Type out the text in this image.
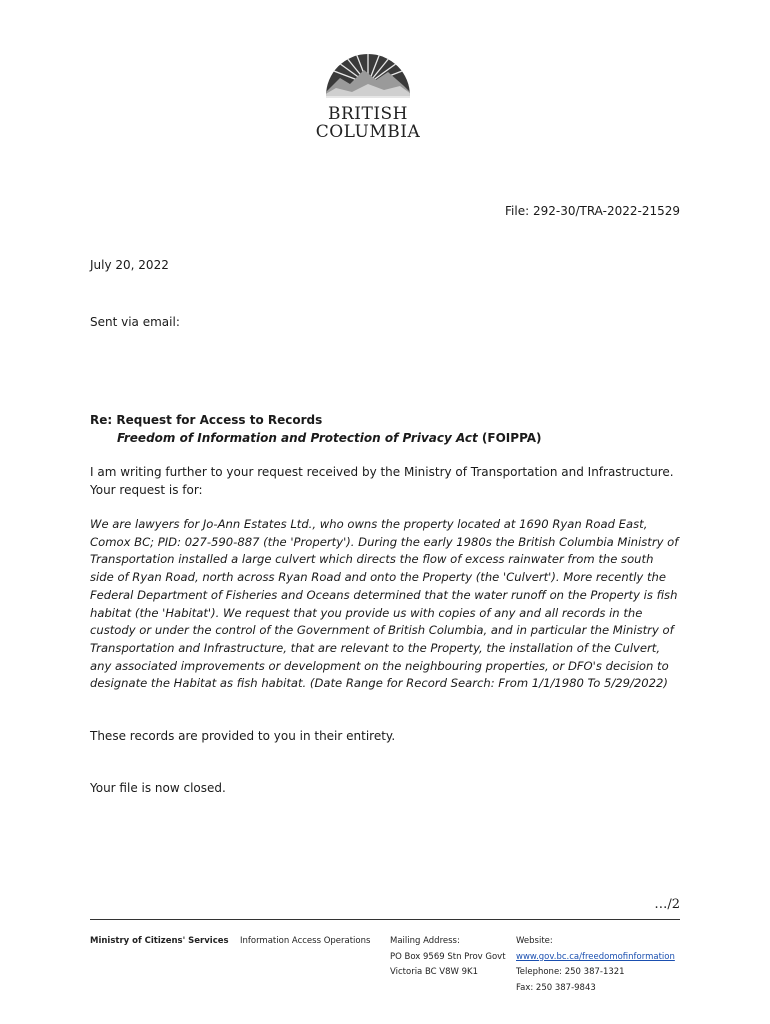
BRITISH
COLUMBIA
File: 292-30/TRA-2022-21529
July 20, 2022
Sent via email:
Re: Request for Access to Records
Freedom of Information and Protection of Privacy Act (FOIPPA)
I am writing further to your request received by the Ministry of Transportation and Infrastructure. Your request is for:
We are lawyers for Jo-Ann Estates Ltd., who owns the property located at 1690 Ryan Road East, Comox BC; PID: 027-590-887 (the 'Property'). During the early 1980s the British Columbia Ministry of Transportation installed a large culvert which directs the flow of excess rainwater from the south side of Ryan Road, north across Ryan Road and onto the Property (the 'Culvert'). More recently the Federal Department of Fisheries and Oceans determined that the water runoff on the Property is fish habitat (the 'Habitat'). We request that you provide us with copies of any and all records in the custody or under the control of the Government of British Columbia, and in particular the Ministry of Transportation and Infrastructure, that are relevant to the Property, the installation of the Culvert, any associated improvements or development on the neighbouring properties, or DFO's decision to designate the Habitat as fish habitat. (Date Range for Record Search: From 1/1/1980 To 5/29/2022)
These records are provided to you in their entirety.
Your file is now closed.
…/2
Ministry of Citizens' Services Information Access Operations Mailing Address:
PO Box 9569 Stn Prov Govt
Victoria BC V8W 9K1
Website:
www.gov.bc.ca/freedomofinformation
Telephone: 250 387-1321
Fax: 250 387-9843
